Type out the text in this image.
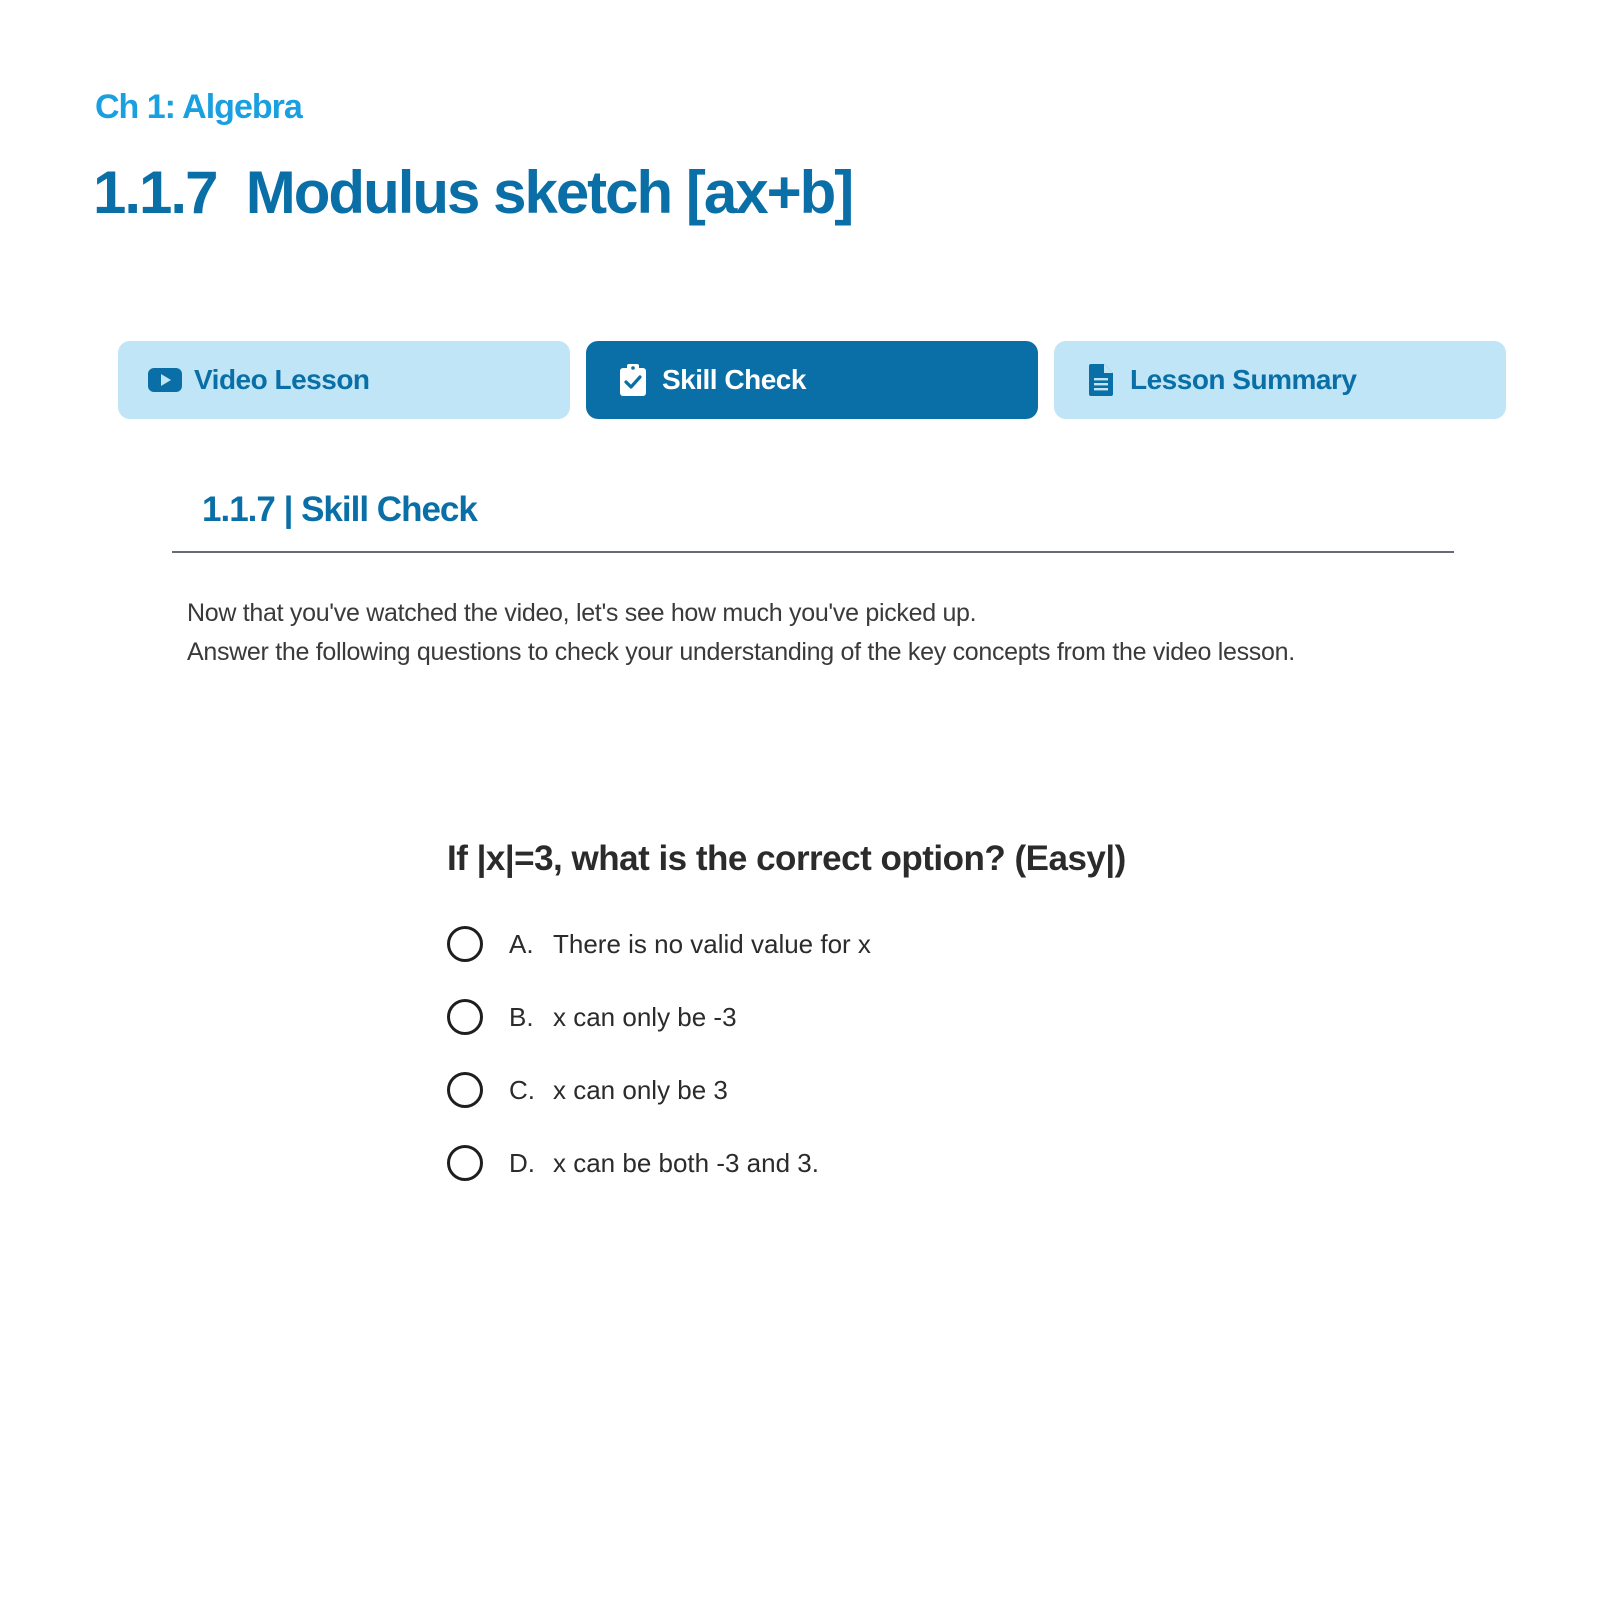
Ch 1: Algebra
1.1.7  Modulus sketch [ax+b]
Video Lesson	Skill Check	Lesson Summary
1.1.7 | Skill Check
Now that you've watched the video, let's see how much you've picked up.
Answer the following questions to check your understanding of the key concepts from the video lesson.
If |x|=3, what is the correct option? (Easy|)
A. There is no valid value for x
B. x can only be -3
C. x can only be 3
D. x can be both -3 and 3.
